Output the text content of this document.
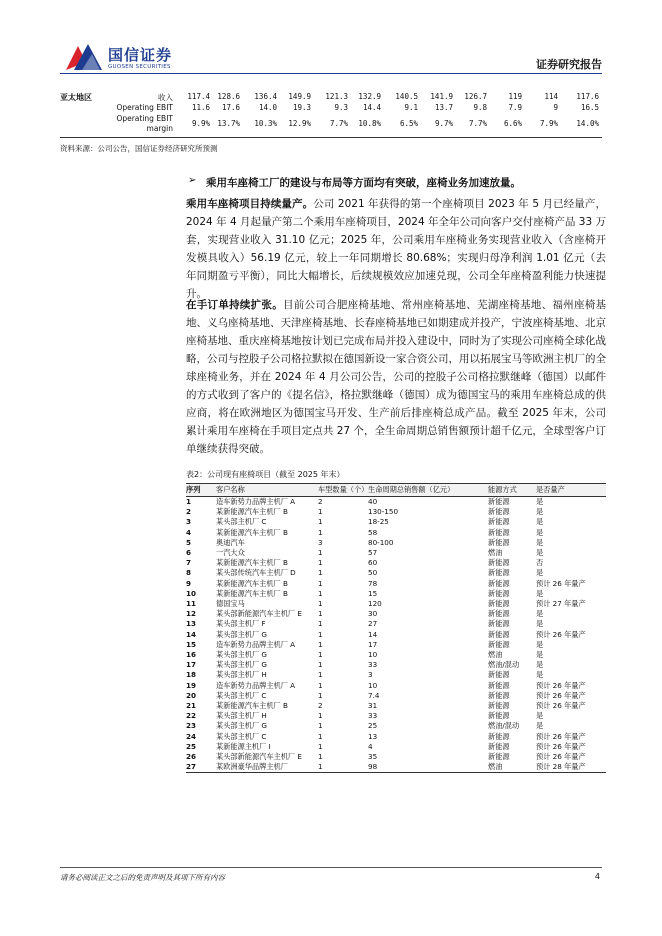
国信证券
GUOSEN SECURITIES	证券研究报告
亚太地区	收入	117.4 128.6	136.4	149.9	121.3	132.9	140.5	141.9	126.7	119	114	117.6
Operating EBIT	11.6	17.6	14.0	19.3	9.3	14.4	9.1	13.7	9.8	7.9	9	16.5
Operating EBIT
margin
9.9% 13.7%	10.3%	12.9%	7.7%	10.8%	6.5%	9.7%	7.7%	6.6%	7.9%	14.0%
资料来源：公司公告，国信证券经济研究所预测
➢ 乘用车座椅工厂的建设与布局等方面均有突破，座椅业务加速放量。
乘用车座椅项目持续量产。公司 2021 年获得的第一个座椅项目 2023 年 5 月已经量产，2024 年 4 月起量产第二个乘用车座椅项目，2024 年全年公司向客户交付座椅产品 33 万套，实现营业收入 31.10 亿元；2025 年，公司乘用车座椅业务实现营业收入（含座椅开发模具收入）56.19 亿元，较上一年同期增长 80.68%；实现归母净利润 1.01 亿元（去年同期盈亏平衡），同比大幅增长，后续规模效应加速兑现，公司全年座椅盈利能力快速提升。
在手订单持续扩张。目前公司合肥座椅基地、常州座椅基地、芜湖座椅基地、福州座椅基地、义乌座椅基地、天津座椅基地、长春座椅基地已如期建成并投产，宁波座椅基地、北京座椅基地、重庆座椅基地按计划已完成布局并投入建设中，同时为了实现公司座椅全球化战略，公司与控股子公司格拉默拟在德国新设一家合资公司，用以拓展宝马等欧洲主机厂的全球座椅业务，并在 2024 年 4 月公司公告，公司的控股子公司格拉默继峰（德国）以邮件的方式收到了客户的《提名信》，格拉默继峰（德国）成为德国宝马的乘用车座椅总成的供应商，将在欧洲地区为德国宝马开发、生产前后排座椅总成产品。截至 2025 年末，公司累计乘用车座椅在手项目定点共 27 个，全生命周期总销售额预计超千亿元，全球型客户订单继续获得突破。
表2：公司现有座椅项目（截至 2025 年末）
序列	客户名称	车型数量（个）	生命周期总销售额（亿元）	能源方式	是否量产
1	造车新势力品牌主机厂 A	2	40	新能源	是
2	某新能源汽车主机厂 B	1	130-150	新能源	是
3	某头部主机厂 C	1	18-25	新能源	是
4	某新能源汽车主机厂 B	1	58	新能源	是
5	奥迪汽车	3	80-100	新能源	是
6	一汽大众	1	57	燃油	是
7	某新能源汽车主机厂 B	1	60	新能源	否
8	某头部传统汽车主机厂 D	1	50	新能源	是
9	某新能源汽车主机厂 B	1	78	新能源	预计 26 年量产
10	某新能源汽车主机厂 B	1	15	新能源	是
11	德国宝马	1	120	新能源	预计 27 年量产
12	某头部新能源汽车主机厂 E	1	30	新能源	是
13	某头部主机厂 F	1	27	新能源	是
14	某头部主机厂 G	1	14	新能源	预计 26 年量产
15	造车新势力品牌主机厂 A	1	17	新能源	是
16	某头部主机厂 G	1	10	燃油	是
17	某头部主机厂 G	1	33	燃油/混动	是
18	某头部主机厂 H	1	3	新能源	是
19	造车新势力品牌主机厂 A	1	10	新能源	预计 26 年量产
20	某头部主机厂 C	1	7.4	新能源	预计 26 年量产
21	某新能源汽车主机厂 B	2	31	新能源	预计 26 年量产
22	某头部主机厂 H	1	33	新能源	是
23	某头部主机厂 G	1	25	燃油/混动	是
24	某头部主机厂 C	1	13	新能源	预计 26 年量产
25	某新能源主机厂 I	1	4	新能源	预计 26 年量产
26	某头部新能源汽车主机厂 E	1	35	新能源	预计 26 年量产
27	某欧洲豪华品牌主机厂	1	98	燃油	预计 28 年量产
请务必阅读正文之后的免责声明及其项下所有内容	4
